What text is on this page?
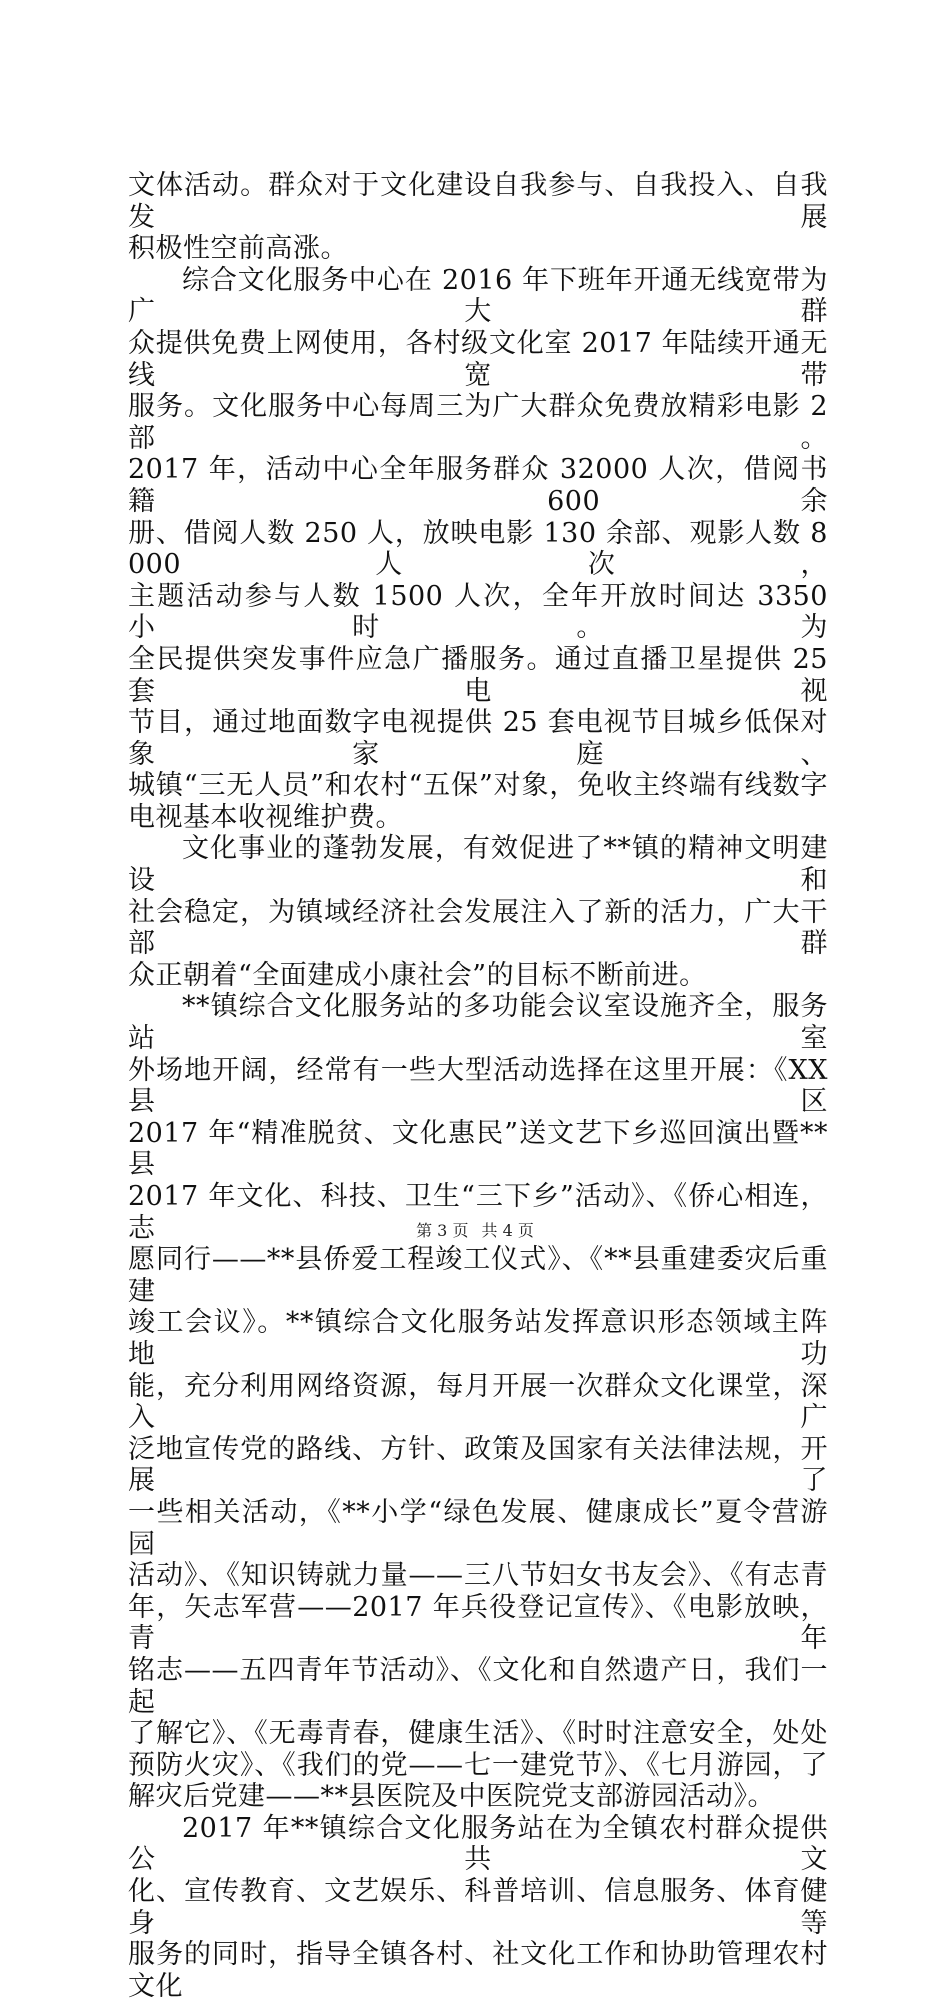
文体活动。群众对于文化建设自我参与、自我投入、自我发展

积极性空前高涨。

综合文化服务中心在 2016 年下班年开通无线宽带为广大群

众提供免费上网使用，各村级文化室 2017 年陆续开通无线宽带

服务。文化服务中心每周三为广大群众免费放精彩电影 2 部。

2017 年，活动中心全年服务群众 32000 人次，借阅书籍 600 余

册、借阅人数 250 人，放映电影 130 余部、观影人数 8000 人次，

主题活动参与人数 1500 人次，全年开放时间达 3350 小时。为

全民提供突发事件应急广播服务。通过直播卫星提供 25 套电视

节目，通过地面数字电视提供 25 套电视节目城乡低保对象家庭、

城镇“三无人员”和农村“五保”对象，免收主终端有线数字

电视基本收视维护费。

文化事业的蓬勃发展，有效促进了**镇的精神文明建设和

社会稳定，为镇域经济社会发展注入了新的活力，广大干部群

众正朝着“全面建成小康社会”的目标不断前进。

**镇综合文化服务站的多功能会议室设施齐全，服务站室

外场地开阔，经常有一些大型活动选择在这里开展：《XX 县区

2017 年“精准脱贫、文化惠民”送文艺下乡巡回演出暨**县

2017 年文化、科技、卫生“三下乡”活动》、《侨心相连，志

愿同行——**县侨爱工程竣工仪式》、《**县重建委灾后重建

竣工会议》。**镇综合文化服务站发挥意识形态领域主阵地功

能，充分利用网络资源，每月开展一次群众文化课堂，深入广

泛地宣传党的路线、方针、政策及国家有关法律法规，开展了

一些相关活动，《**小学“绿色发展、健康成长”夏令营游园

活动》、《知识铸就力量——三八节妇女书友会》、《有志青

年，矢志军营——2017 年兵役登记宣传》、《电影放映，青年

铭志——五四青年节活动》、《文化和自然遗产日，我们一起

了解它》、《无毒青春，健康生活》、《时时注意安全，处处

预防火灾》、《我们的党——七一建党节》、《七月游园，了

解灾后党建——**县医院及中医院党支部游园活动》。

2017 年**镇综合文化服务站在为全镇农村群众提供公共文

化、宣传教育、文艺娱乐、科普培训、信息服务、体育健身等

服务的同时，指导全镇各村、社文化工作和协助管理农村文化

第 3 页 共 4 页
